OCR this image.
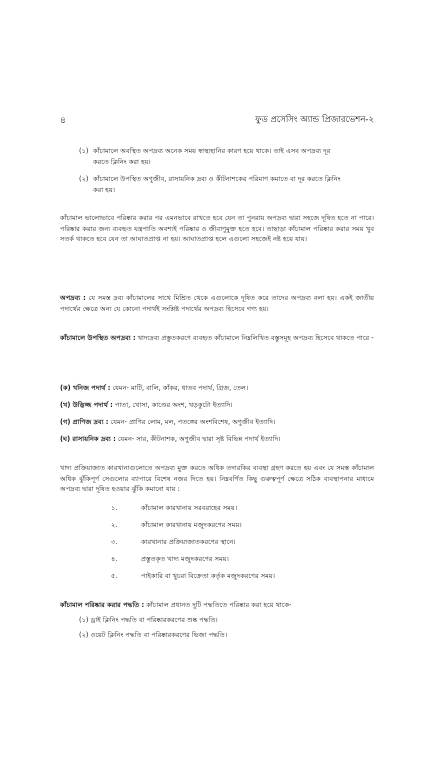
৪	ফুড প্রসেসিং অ্যান্ড প্রিজারভেশন-২
(১) কাঁচামালে অবস্থিত অপদ্রব্য অনেক সময় স্বাস্থ্যহানির কারণ হয়ে থাকে। তাই এসব অপদ্রব্য দূর
করতে ক্লিনিং করা হয়।
(২) কাঁচামালে উপস্থিত অণুজীব, রাসায়নিক দ্রব্য ও কীটনাশকের পরিমাণ কমাতে বা দূর করতে ক্লিনিং
করা হয়।

কাঁচামাল ভালোভাবে পরিষ্কার করার পর এমনভাবে রাখতে হবে যেন তা পুনরায় অপদ্রব্য দ্বারা সহজে দূষিত হতে না পারে। পরিষ্কার করার জন্য ব্যবহৃত যন্ত্রপাতি অবশ্যই পরিষ্কার ও জীবাণুমুক্ত হতে হবে। তাছাড়া কাঁচামাল পরিষ্কার করার সময় খুব সতর্ক থাকতে হবে যেন তা আঘাতপ্রাপ্ত না হয়। আঘাতপ্রাপ্ত হলে এগুলো সহজেই নষ্ট হয়ে যায়।

অপদ্রব্য : যে সমস্ত দ্রব্য কাঁচামালের সাথে মিশ্রিত থেকে এগুলোকে দূষিত করে তাদের অপদ্রব্য বলা হয়। একই জাতীয় পদার্থের ক্ষেত্রে অন্য যে কোনো পদার্থই সংশ্লিষ্ট পদার্থের অপদ্রব্য হিসেবে গণ্য হয়।

কাঁচামালে উপস্থিত অপদ্রব্য : খাদ্যদ্রব্য প্রস্তুতকরণে ব্যবহৃত কাঁচামালে নিম্নলিখিত বস্তুসমূহ অপদ্রব্য হিসেবে থাকতে পারে -

(ক) খনিজ পদার্থ : যেমন- মাটি, বালি, কাঁকর, ধাতব পদার্থ, গ্রিজ, তেল।
(খ) উদ্ভিজ্জ পদার্থ : পাতা, খোসা, কাণ্ডের অংশ, খড়কুটো ইত্যাদি।
(গ) প্রাণিজ দ্রব্য : যেমন- প্রাণির লোম, মল, পতঙ্গের অংশবিশেষ, অণুজীব ইত্যাদি।
(ঘ) রাসায়নিক দ্রব্য : যেমন- সার, কীটনাশক, অণুজীব দ্বারা সৃষ্ট বিভিন্ন পদার্থ ইত্যাদি।

খাদ্য প্রক্রিয়াজাত কারখানাগুলোতে অপদ্রব্য মুক্ত করতে অধিক তদারকির ব্যবস্থা গ্রহণ করতে হয় এবং যে সমস্ত কাঁচামাল অধিক ঝুঁকিপূর্ণ সেগুলোর ব্যাপারে বিশেষ নজর দিতে হয়। নিম্নবর্ণিত কিছু গুরুত্বপূর্ণ ক্ষেত্রে সঠিক ব্যবস্থাপনার মাধ্যমে অপদ্রব্য দ্বারা দূষিত হওয়ার ঝুঁকি কমানো যায় :

১.	কাঁচামাল কারখানায় সরবরাহের সময়।
২.	কাঁচামাল কারখানায় মজুদকরণের সময়।
৩.	কারখানার প্রক্রিয়াজাতকরণের স্থানে।
৪.	প্রস্তুতকৃত খাদ্য মজুদকরণের সময়।
৫.	পাইকারি বা খুচরা বিক্রেতা কর্তৃক মজুদকরণের সময়।
কাঁচামাল পরিষ্কার করার পদ্ধতি : কাঁচামাল প্রধানত দুটি পদ্ধতিতে পরিষ্কার করা হয়ে থাকে-
(১) ড্রাই ক্লিনিং পদ্ধতি বা পরিষ্কারকরণের শুষ্ক পদ্ধতি।
(২) ওয়েট ক্লিনিং পদ্ধতি বা পরিষ্কারকরণের ভিজা পদ্ধতি।
